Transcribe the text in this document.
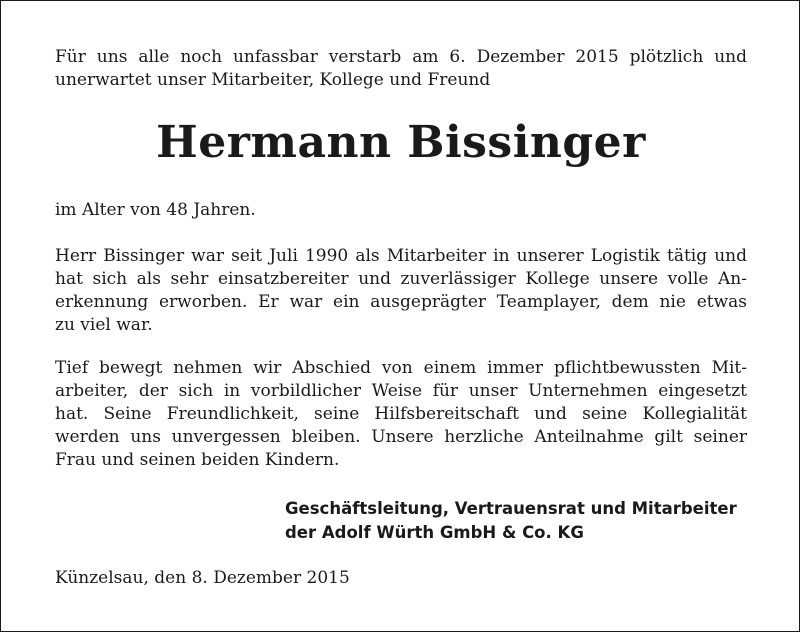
Für uns alle noch unfassbar verstarb am 6. Dezember 2015 plötzlich und
unerwartet unser Mitarbeiter, Kollege und Freund
Hermann Bissinger
im Alter von 48 Jahren.
Herr Bissinger war seit Juli 1990 als Mitarbeiter in unserer Logistik tätig und
hat sich als sehr einsatzbereiter und zuverlässiger Kollege unsere volle An-
erkennung erworben. Er war ein ausgeprägter Teamplayer, dem nie etwas
zu viel war.
Tief bewegt nehmen wir Abschied von einem immer pflichtbewussten Mit-
arbeiter, der sich in vorbildlicher Weise für unser Unternehmen eingesetzt
hat. Seine Freundlichkeit, seine Hilfsbereitschaft und seine Kollegialität
werden uns unvergessen bleiben. Unsere herzliche Anteilnahme gilt seiner
Frau und seinen beiden Kindern.
Geschäftsleitung, Vertrauensrat und Mitarbeiter
der Adolf Würth GmbH & Co. KG
Künzelsau, den 8. Dezember 2015
